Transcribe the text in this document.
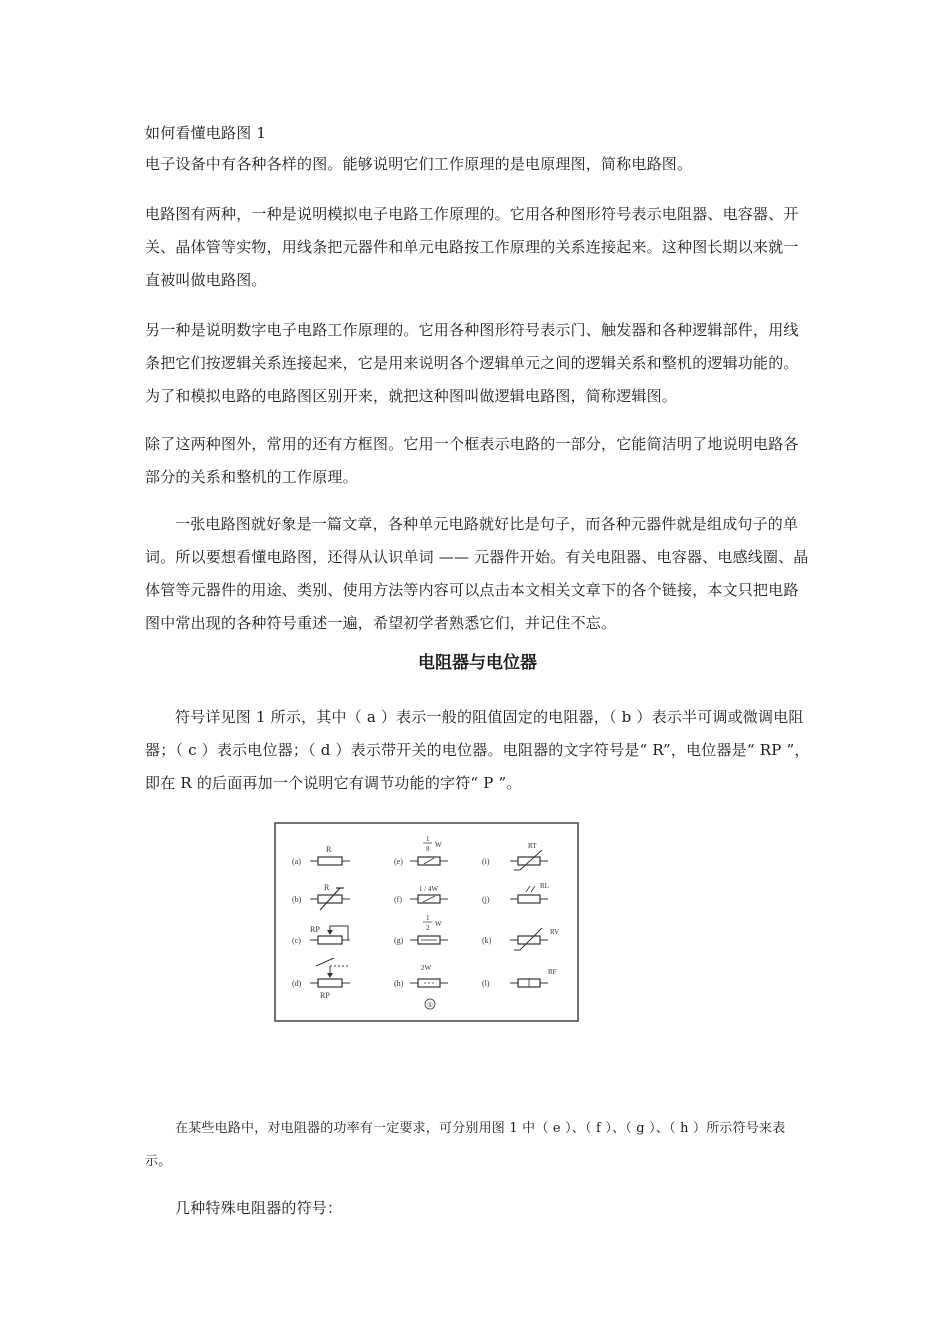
如何看懂电路图 1

电子设备中有各种各样的图。能够说明它们工作原理的是电原理图，简称电路图。

电路图有两种，一种是说明模拟电子电路工作原理的。它用各种图形符号表示电阻器、电容器、开关、晶体管等实物，用线条把元器件和单元电路按工作原理的关系连接起来。这种图长期以来就一直被叫做电路图。

另一种是说明数字电子电路工作原理的。它用各种图形符号表示门、触发器和各种逻辑部件，用线条把它们按逻辑关系连接起来，它是用来说明各个逻辑单元之间的逻辑关系和整机的逻辑功能的。为了和模拟电路的电路图区别开来，就把这种图叫做逻辑电路图，简称逻辑图。

除了这两种图外，常用的还有方框图。它用一个框表示电路的一部分，它能简洁明了地说明电路各部分的关系和整机的工作原理。

一张电路图就好象是一篇文章，各种单元电路就好比是句子，而各种元器件就是组成句子的单词。所以要想看懂电路图，还得从认识单词 —— 元器件开始。有关电阻器、电容器、电感线圈、晶体管等元器件的用途、类别、使用方法等内容可以点击本文相关文章下的各个链接，本文只把电路图中常出现的各种符号重述一遍，希望初学者熟悉它们，并记住不忘。

电阻器与电位器

符号详见图 1 所示，其中（ a ）表示一般的阻值固定的电阻器，（ b ）表示半可调或微调电阻器；（ c ）表示电位器；（ d ）表示带开关的电位器。电阻器的文字符号是“ R”，电位器是“ RP ”，即在 R 的后面再加一个说明它有调节功能的字符“ P ”。

(a)
R
(b)
R
(c)
RP
(d)
RP
(e)
1
8 W
(f)
1 / 4W
(g)
1
2 W
(h)
2W
①
(i)
RT
(j)
RL
(k)
RV
(l)
RF

在某些电路中，对电阻器的功率有一定要求，可分别用图 1 中（ e ）、（ f ）、（ g ）、（ h ）所示符号来表示。

几种特殊电阻器的符号：
